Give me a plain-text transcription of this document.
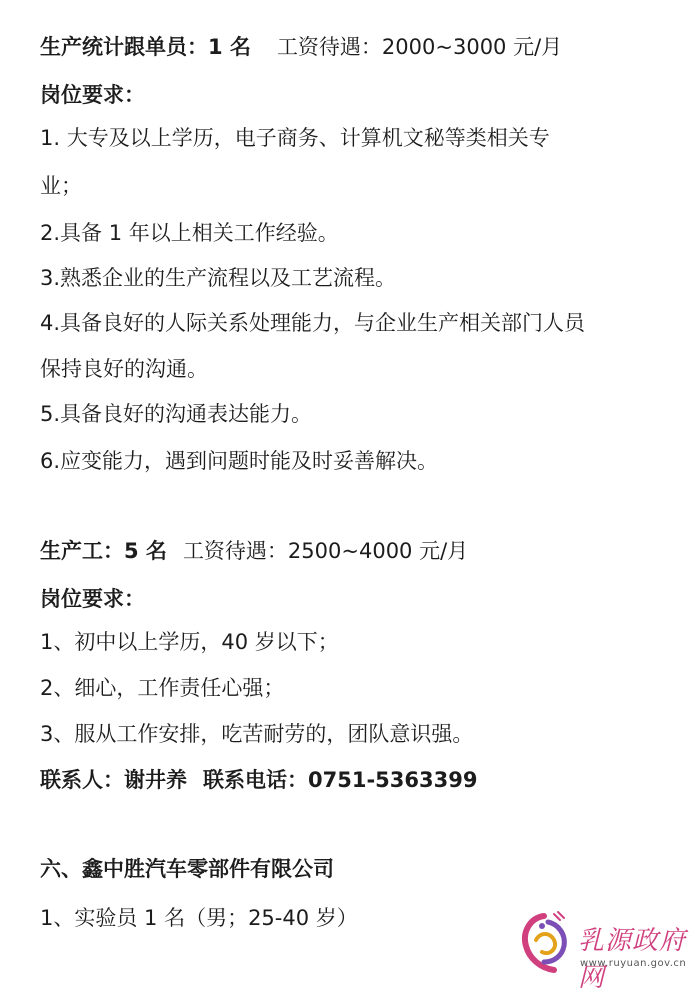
生产统计跟单员：1 名 工资待遇：2000~3000 元/月
岗位要求：
1. 大专及以上学历，电子商务、计算机文秘等类相关专
业；
2.具备 1 年以上相关工作经验。
3.熟悉企业的生产流程以及工艺流程。
4.具备良好的人际关系处理能力，与企业生产相关部门人员
保持良好的沟通。
5.具备良好的沟通表达能力。
6.应变能力，遇到问题时能及时妥善解决。
生产工：5 名 工资待遇：2500~4000 元/月
岗位要求：
1、初中以上学历，40 岁以下；
2、细心，工作责任心强；
3、服从工作安排，吃苦耐劳的，团队意识强。
联系人：谢井养 联系电话：0751-5363399
六、鑫中胜汽车零部件有限公司
1、实验员 1 名（男；25-40 岁）
乳源政府网
www.ruyuan.gov.cn
